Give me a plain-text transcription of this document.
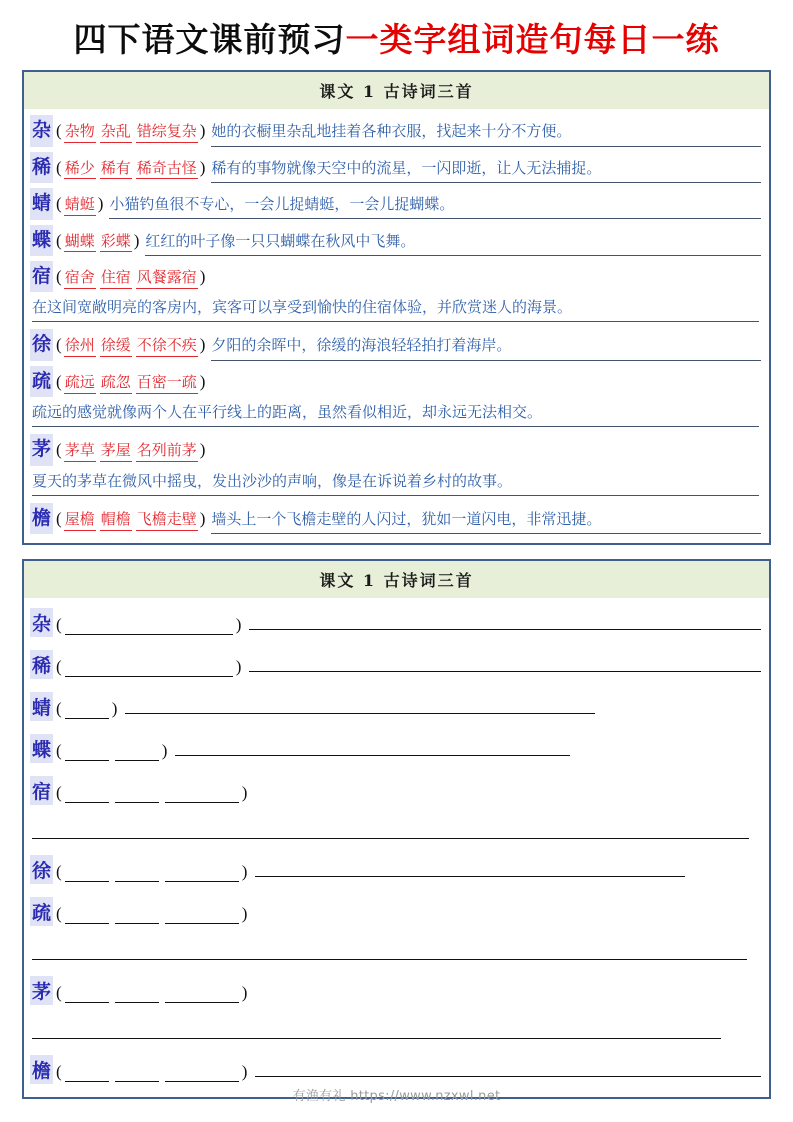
四下语文课前预习一类字组词造句每日一练
课文 1 古诗词三首
杂 ( 杂物 杂乱 错综复杂 ) 她的衣橱里杂乱地挂着各种衣服，找起来十分不方便。
稀 ( 稀少 稀有 稀奇古怪 ) 稀有的事物就像天空中的流星，一闪即逝，让人无法捕捉。
蜻 ( 蜻蜓 ) 小猫钓鱼很不专心，一会儿捉蜻蜓，一会儿捉蝴蝶。
蝶 ( 蝴蝶 彩蝶 ) 红红的叶子像一只只蝴蝶在秋风中飞舞。
宿 ( 宿舍 住宿 风餐露宿 )
在这间宽敞明亮的客房内，宾客可以享受到愉快的住宿体验，并欣赏迷人的海景。
徐 ( 徐州 徐缓 不徐不疾 ) 夕阳的余晖中，徐缓的海浪轻轻拍打着海岸。
疏 ( 疏远 疏忽 百密一疏 )
疏远的感觉就像两个人在平行线上的距离，虽然看似相近，却永远无法相交。
茅 ( 茅草 茅屋 名列前茅 )
夏天的茅草在微风中摇曳，发出沙沙的声响，像是在诉说着乡村的故事。
檐 ( 屋檐 帽檐 飞檐走壁 ) 墙头上一个飞檐走壁的人闪过，犹如一道闪电，非常迅捷。
课文 1 古诗词三首
杂 (	)
稀 (	)
蜻 (	)
蝶 (	)
宿 (	)
徐 (	)
疏 (	)
茅 (	)
檐 (	)
有渔有礼 https://www.nzxwl.net
